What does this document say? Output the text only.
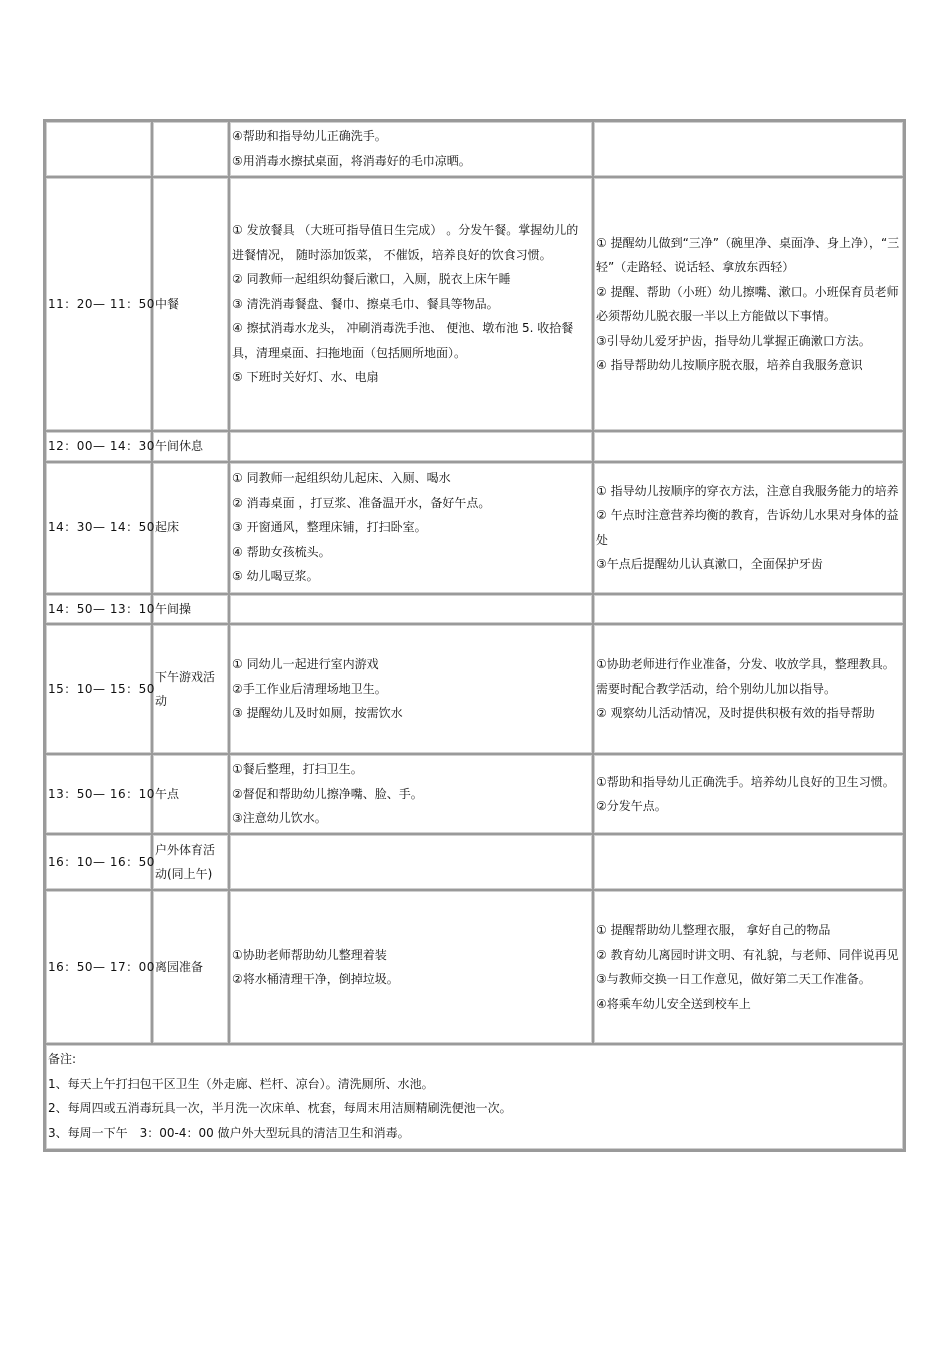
		④帮助和指导幼儿正确洗手。
⑤用消毒水擦拭桌面，将消毒好的毛巾凉晒。	

11：20— 11：50	中餐	① 发放餐具 （大班可指导值日生完成） 。分发午餐。掌握幼儿的进餐情况， 随时添加饭菜， 不催饭，培养良好的饮食习惯。
② 同教师一起组织幼餐后漱口，入厕，脱衣上床午睡
③ 清洗消毒餐盘、餐巾、擦桌毛巾、餐具等物品。
④ 擦拭消毒水龙头， 冲刷消毒洗手池、 便池、墩布池 5. 收拾餐具，清理桌面、扫拖地面（包括厕所地面）。
⑤ 下班时关好灯、水、电扇	① 提醒幼儿做到“三净”（碗里净、桌面净、身上净），“三轻”（走路轻、说话轻、拿放东西轻）
② 提醒、帮助（小班）幼儿擦嘴、漱口。小班保育员老师必须帮幼儿脱衣服一半以上方能做以下事情。
③引导幼儿爱牙护齿，指导幼儿掌握正确漱口方法。
④ 指导帮助幼儿按顺序脱衣服，培养自我服务意识

12：00— 14：30	午间休息		
14：30— 14：50	起床	① 同教师一起组织幼儿起床、入厕、喝水
② 消毒桌面 ，打豆浆、准备温开水，备好午点。
③ 开窗通风，整理床铺，打扫卧室。
④ 帮助女孩梳头。
⑤ 幼儿喝豆浆。	① 指导幼儿按顺序的穿衣方法，注意自我服务能力的培养
② 午点时注意营养均衡的教育，告诉幼儿水果对身体的益处
③午点后提醒幼儿认真漱口，全面保护牙齿

14：50— 13：10	午间操		
15：10— 15：50	下午游戏活动	① 同幼儿一起进行室内游戏
②手工作业后清理场地卫生。
③ 提醒幼儿及时如厕，按需饮水	①协助老师进行作业准备，分发、收放学具，整理教具。需要时配合教学活动，给个别幼儿加以指导。
② 观察幼儿活动情况，及时提供积极有效的指导帮助

13：50— 16：10	午点	①餐后整理，打扫卫生。
②督促和帮助幼儿擦净嘴、脸、手。
③注意幼儿饮水。	①帮助和指导幼儿正确洗手。培养幼儿良好的卫生习惯。
②分发午点。

16：10— 16：50	户外体育活动(同上午)		
16：50— 17：00	离园准备	①协助老师帮助幼儿整理着装
②将水桶清理干净，倒掉垃圾。	① 提醒帮助幼儿整理衣服， 拿好自己的物品
② 教育幼儿离园时讲文明、有礼貌，与老师、同伴说再见
③与教师交换一日工作意见，做好第二天工作准备。
④将乘车幼儿安全送到校车上

备注:
1、每天上午打扫包干区卫生（外走廊、栏杆、凉台）。清洗厕所、水池。
2、每周四或五消毒玩具一次，半月洗一次床单、枕套，每周末用洁厕精刷洗便池一次。
3、每周一下午　3：00-4：00 做户外大型玩具的清洁卫生和消毒。			
